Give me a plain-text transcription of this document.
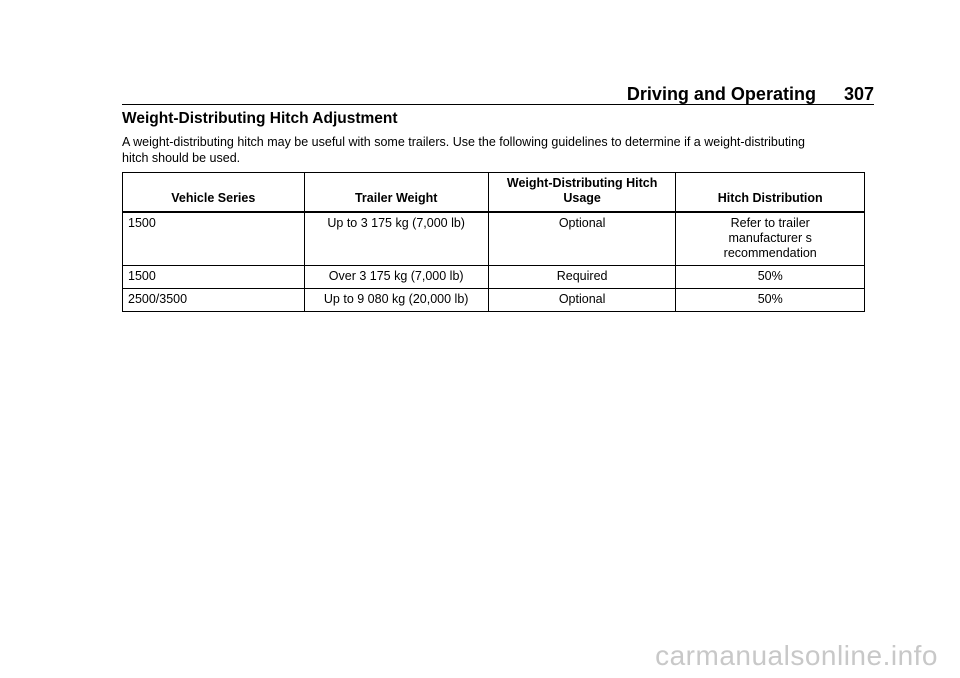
Driving and Operating 307
Weight-Distributing Hitch Adjustment
A weight-distributing hitch may be useful with some trailers. Use the following guidelines to determine if a weight-distributing hitch should be used.
Vehicle Series	Trailer Weight	Weight-Distributing Hitch Usage	Hitch Distribution
1500	Up to 3 175 kg (7,000 lb)	Optional	Refer to trailer manufacturer s recommendation
1500	Over 3 175 kg (7,000 lb)	Required	50%
2500/3500	Up to 9 080 kg (20,000 lb)	Optional	50%
carmanualsonline.info
